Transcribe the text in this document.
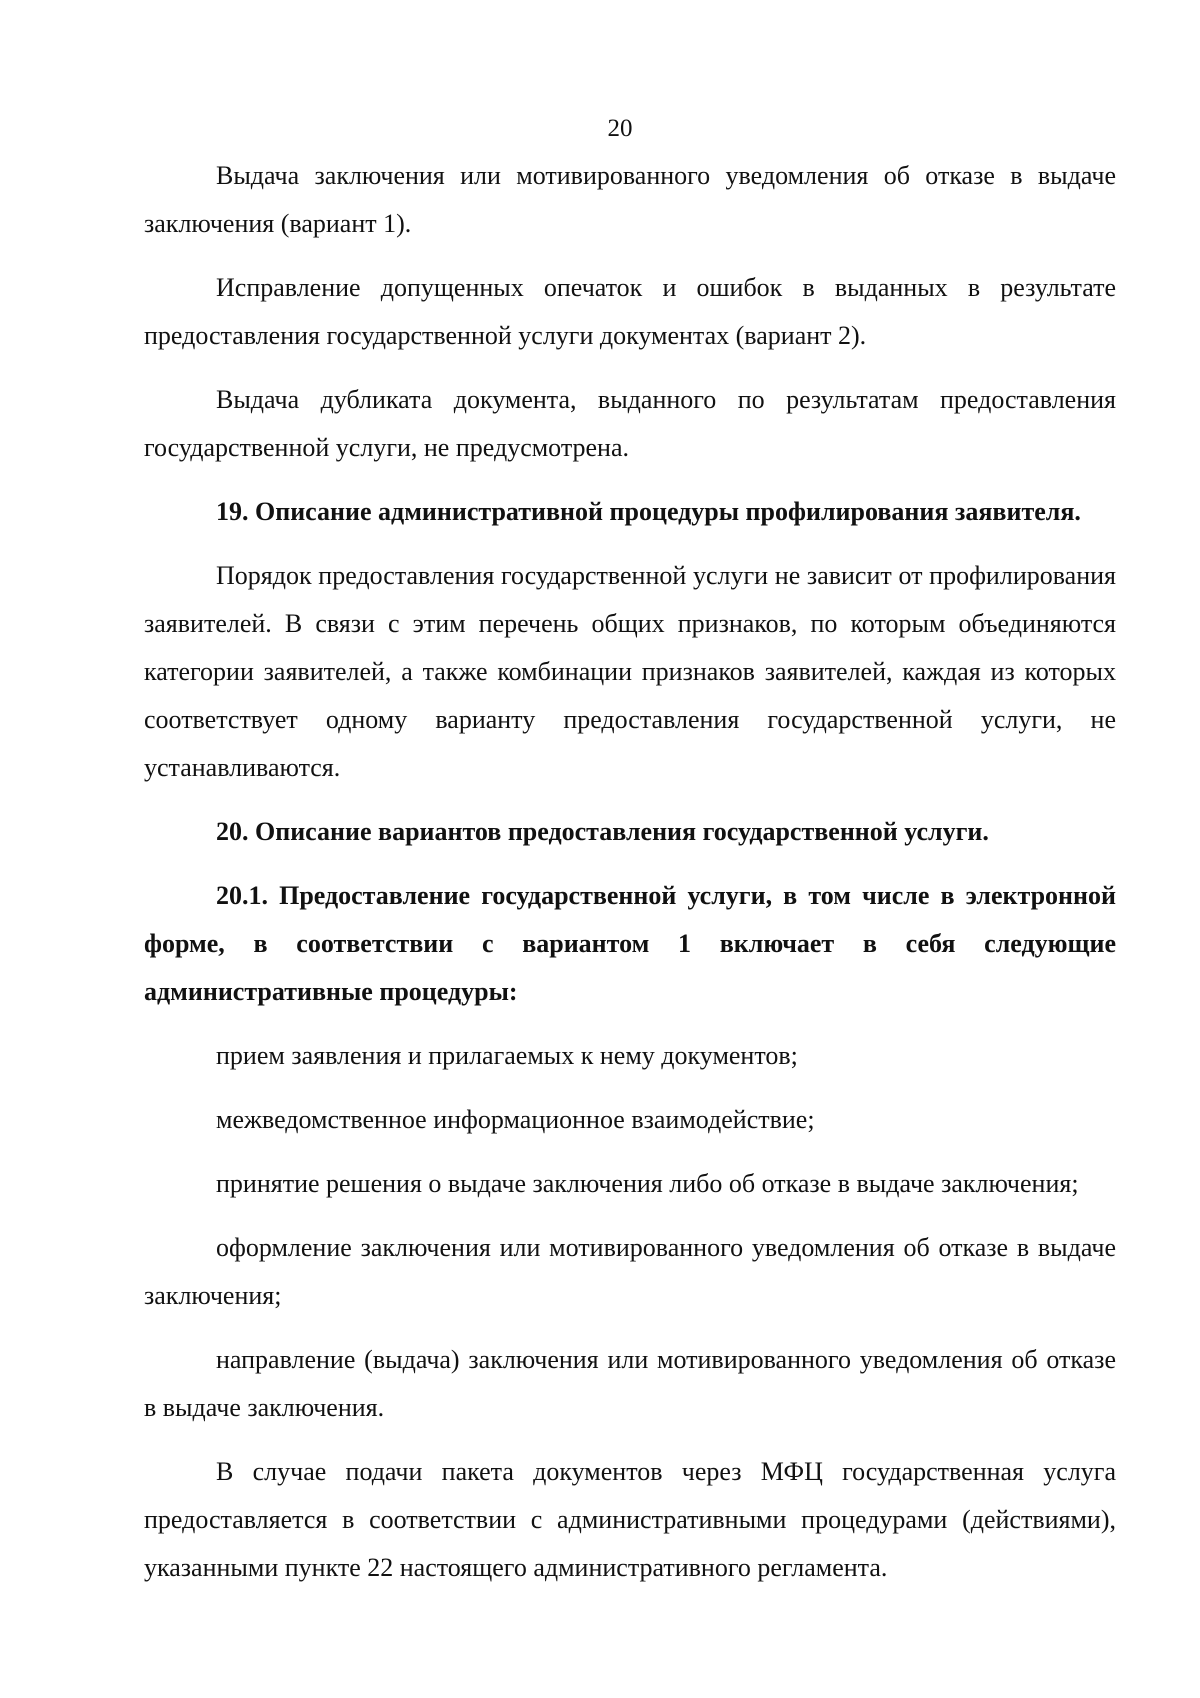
20

Выдача заключения или мотивированного уведомления об отказе в выдаче заключения (вариант 1).

Исправление допущенных опечаток и ошибок в выданных в результате предоставления государственной услуги документах (вариант 2).

Выдача дубликата документа, выданного по результатам предоставления государственной услуги, не предусмотрена.

19. Описание административной процедуры профилирования заявителя.

Порядок предоставления государственной услуги не зависит от профилирования заявителей. В связи с этим перечень общих признаков, по которым объединяются категории заявителей, а также комбинации признаков заявителей, каждая из которых соответствует одному варианту предоставления государственной услуги, не устанавливаются.

20. Описание вариантов предоставления государственной услуги.

20.1. Предоставление государственной услуги, в том числе в электронной форме, в соответствии с вариантом 1 включает в себя следующие административные процедуры:

прием заявления и прилагаемых к нему документов;

межведомственное информационное взаимодействие;

принятие решения о выдаче заключения либо об отказе в выдаче заключения;

оформление заключения или мотивированного уведомления об отказе в выдаче заключения;

направление (выдача) заключения или мотивированного уведомления об отказе в выдаче заключения.

В случае подачи пакета документов через МФЦ государственная услуга предоставляется в соответствии с административными процедурами (действиями), указанными пункте 22 настоящего административного регламента.
